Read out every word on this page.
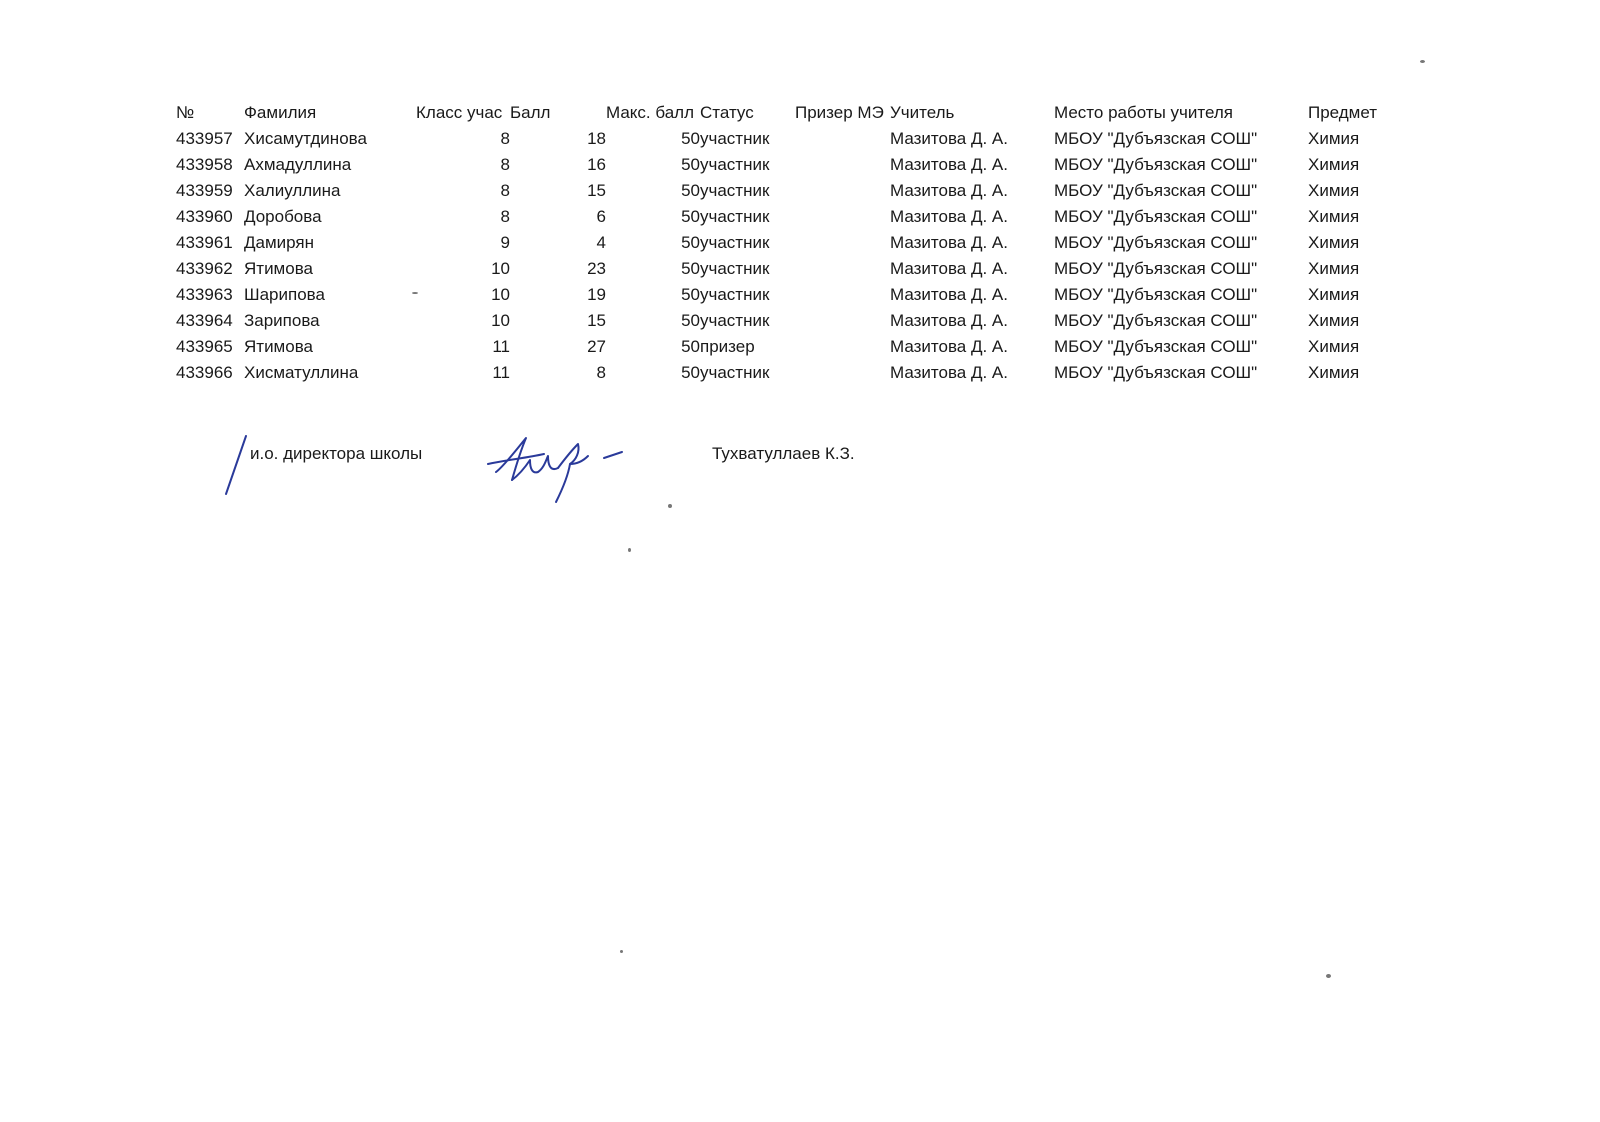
№	Фамилия	Класс учас	Балл	Макс. балл	Статус	Призер МЭ	Учитель	Место работы учителя	Предмет
433957	Хисамутдинова	8	18	50	участник		Мазитова Д. А.	МБОУ "Дубъязская СОШ"	Химия
433958	Ахмадуллина	8	16	50	участник		Мазитова Д. А.	МБОУ "Дубъязская СОШ"	Химия
433959	Халиуллина	8	15	50	участник		Мазитова Д. А.	МБОУ "Дубъязская СОШ"	Химия
433960	Доробова	8	6	50	участник		Мазитова Д. А.	МБОУ "Дубъязская СОШ"	Химия
433961	Дамирян	9	4	50	участник		Мазитова Д. А.	МБОУ "Дубъязская СОШ"	Химия
433962	Ятимова	10	23	50	участник		Мазитова Д. А.	МБОУ "Дубъязская СОШ"	Химия
433963	Шарипова	10	19	50	участник		Мазитова Д. А.	МБОУ "Дубъязская СОШ"	Химия
433964	Зарипова	10	15	50	участник		Мазитова Д. А.	МБОУ "Дубъязская СОШ"	Химия
433965	Ятимова	11	27	50	призер		Мазитова Д. А.	МБОУ "Дубъязская СОШ"	Химия
433966	Хисматуллина	11	8	50	участник		Мазитова Д. А.	МБОУ "Дубъязская СОШ"	Химия
и.о. директора школы	Тухватуллаев К.З.
